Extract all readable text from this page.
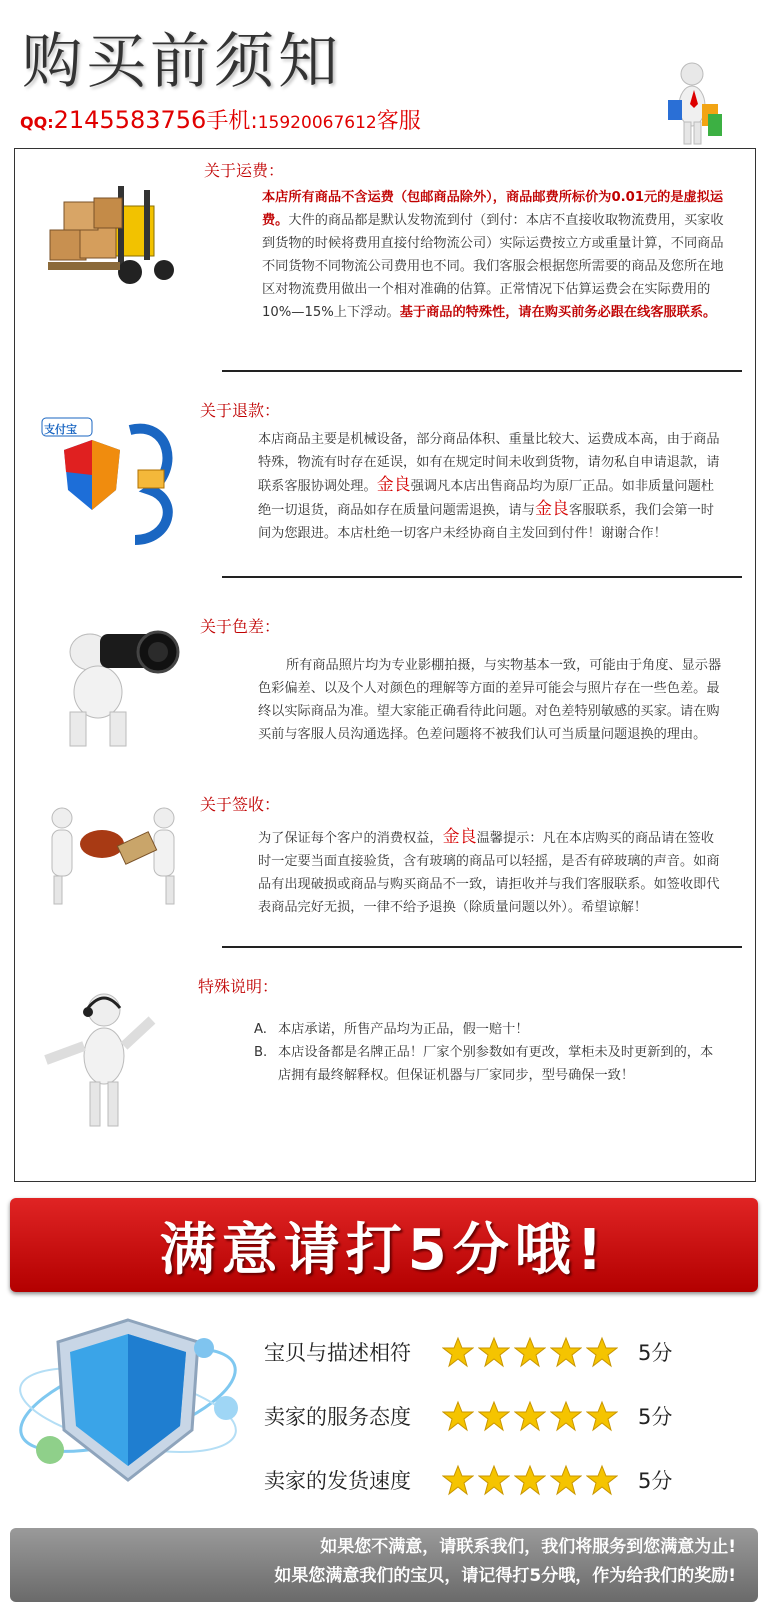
购买前须知
QQ:2145583756手机:15920067612客服
关于运费：
本店所有商品不含运费（包邮商品除外），商品邮费所标价为0.01元的是虚拟运费。大件的商品都是默认发物流到付（到付：本店不直接收取物流费用，买家收到货物的时候将费用直接付给物流公司）实际运费按立方或重量计算，不同商品不同货物不同物流公司费用也不同。我们客服会根据您所需要的商品及您所在地区对物流费用做出一个相对准确的估算。正常情况下估算运费会在实际费用的10%—15%上下浮动。基于商品的特殊性，请在购买前务必跟在线客服联系。
支付宝
关于退款：
本店商品主要是机械设备，部分商品体积、重量比较大、运费成本高，由于商品特殊，物流有时存在延误，如有在规定时间未收到货物，请勿私自申请退款，请联系客服协调处理。金良强调凡本店出售商品均为原厂正品。如非质量问题杜绝一切退货，商品如存在质量问题需退换，请与金良客服联系，我们会第一时间为您跟进。本店杜绝一切客户未经协商自主发回到付件！谢谢合作！
关于色差：
所有商品照片均为专业影棚拍摄，与实物基本一致，可能由于角度、显示器色彩偏差、以及个人对颜色的理解等方面的差异可能会与照片存在一些色差。最终以实际商品为准。望大家能正确看待此问题。对色差特别敏感的买家。请在购买前与客服人员沟通选择。色差问题将不被我们认可当质量问题退换的理由。
关于签收：
为了保证每个客户的消费权益，金良温馨提示：凡在本店购买的商品请在签收时一定要当面直接验货，含有玻璃的商品可以轻摇，是否有碎玻璃的声音。如商品有出现破损或商品与购买商品不一致，请拒收并与我们客服联系。如签收即代表商品完好无损，一律不给予退换（除质量问题以外）。希望谅解！
特殊说明：
A. 本店承诺，所售产品均为正品，假一赔十！
B. 本店设备都是名牌正品！厂家个别参数如有更改，掌柜未及时更新到的，本店拥有最终解释权。但保证机器与厂家同步，型号确保一致！
满意请打5分哦!
宝贝与描述相符	5分
卖家的服务态度	5分
卖家的发货速度	5分
如果您不满意，请联系我们，我们将服务到您满意为止!
如果您满意我们的宝贝，请记得打5分哦，作为给我们的奖励!
